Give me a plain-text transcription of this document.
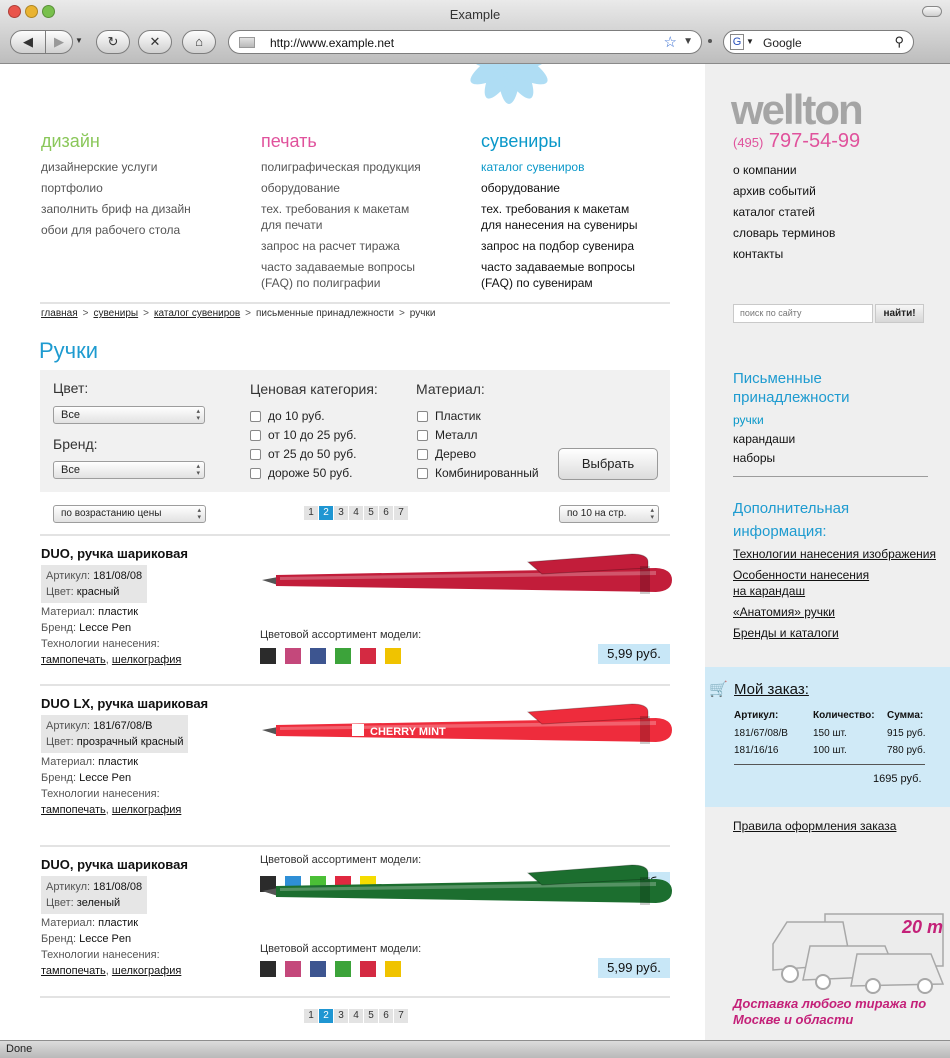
Example
◀	▶	▼	↻	✕	⌂	http://www.example.net	☆ ▼	G ▼ Google	⚲
дизайн	печать	сувениры
дизайнерские услуги
портфолио
заполнить бриф на дизайн
обои для рабочего стола
полиграфическая продукция
оборудование
тех. требования к макетам
для печати
запрос на расчет тиража
часто задаваемые вопросы
(FAQ) по полиграфии
каталог сувениров
оборудование
тех. требования к макетам
для нанесения на сувениры
запрос на подбор сувенира
часто задаваемые вопросы
(FAQ) по сувенирам
главная > сувениры > каталог сувениров > письменные принадлежности > ручки
Ручки
Цвет:
Все ▴ ▾
Бренд:
Все ▴ ▾
Ценовая категория:
до 10 руб.
от 10 до 25 руб.
от 25 до 50 руб.
дороже 50 руб.
Материал:
Пластик
Металл
Дерево
Комбинированный
Выбрать
по возрастанию цены ▴ ▾	1 2 3 4 5 6 7	по 10 на стр. ▴ ▾
DUO, ручка шариковая
Артикул: 181/08/08
Цвет: красный
Материал: пластик
Бренд: Lecce Pen
Технологии нанесения:
тампопечать, шелкография
Цветовой ассортимент модели:
5,99 руб.
DUO LX, ручка шариковая
Артикул: 181/67/08/B
Цвет: прозрачный красный
Материал: пластик
Бренд: Lecce Pen
Технологии нанесения:
тампопечать, шелкография
CHERRY MINT
Цветовой ассортимент модели:
DUO, ручка шариковая
Артикул: 181/08/08
Цвет: зеленый
Материал: пластик
Бренд: Lecce Pen
Технологии нанесения:
тампопечать, шелкография
Цветовой ассортимент модели:
5,99 руб.
1 2 3 4 5 6 7
wellton
(495) 797-54-99
о компании
архив событий
каталог статей
словарь терминов
контакты
поиск по сайту	найти!
Письменные принадлежности
ручки
карандаши
наборы
Дополнительная информация:
Технологии нанесения изображения
Особенности нанесения
на карандаш
«Анатомия» ручки
Бренды и каталоги
🛒 Мой заказ:
Артикул:	Количество: Сумма:
181/67/08/B	150 шт.	915 руб.
181/16/16	100 шт.	780 руб.
1695 руб.
Правила оформления заказа
20 т
Доставка любого тиража по Москве и области
Done
